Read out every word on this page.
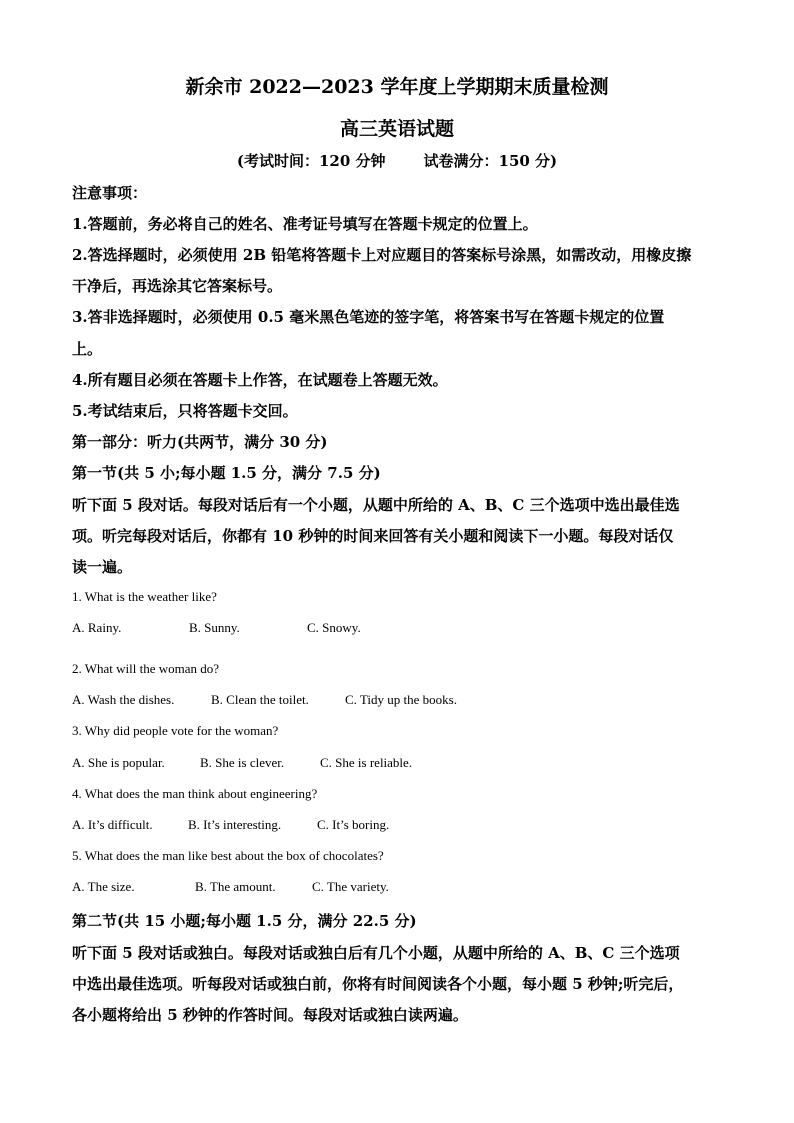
新余市 2022—2023 学年度上学期期末质量检测
高三英语试题
(考试时间：120 分钟	试卷满分：150 分)
注意事项：
1.答题前，务必将自己的姓名、准考证号填写在答题卡规定的位置上。
2.答选择题时，必须使用 2B 铅笔将答题卡上对应题目的答案标号涂黑，如需改动，用橡皮擦
干净后，再选涂其它答案标号。
3.答非选择题时，必须使用 0.5 毫米黑色笔迹的签字笔，将答案书写在答题卡规定的位置
上。
4.所有题目必须在答题卡上作答，在试题卷上答题无效。
5.考试结束后，只将答题卡交回。
第一部分：听力(共两节，满分 30 分)
第一节(共 5 小;每小题 1.5 分，满分 7.5 分)
听下面 5 段对话。每段对话后有一个小题，从题中所给的 A、B、C 三个选项中选出最佳选
项。听完每段对话后，你都有 10 秒钟的时间来回答有关小题和阅读下一小题。每段对话仅
读一遍。
1. What is the weather like?
A. Rainy.	B. Sunny.	C. Snowy.
2. What will the woman do?
A. Wash the dishes.	B. Clean the toilet.	C. Tidy up the books.
3. Why did people vote for the woman?
A. She is popular.	B. She is clever.	C. She is reliable.
4. What does the man think about engineering?
A. It’s difficult.	B. It’s interesting.	C. It’s boring.
5. What does the man like best about the box of chocolates?
A. The size.	B. The amount.	C. The variety.
第二节(共 15 小题;每小题 1.5 分，满分 22.5 分)
听下面 5 段对话或独白。每段对话或独白后有几个小题，从题中所给的 A、B、C 三个选项
中选出最佳选项。听每段对话或独白前，你将有时间阅读各个小题，每小题 5 秒钟;听完后，
各小题将给出 5 秒钟的作答时间。每段对话或独白读两遍。
